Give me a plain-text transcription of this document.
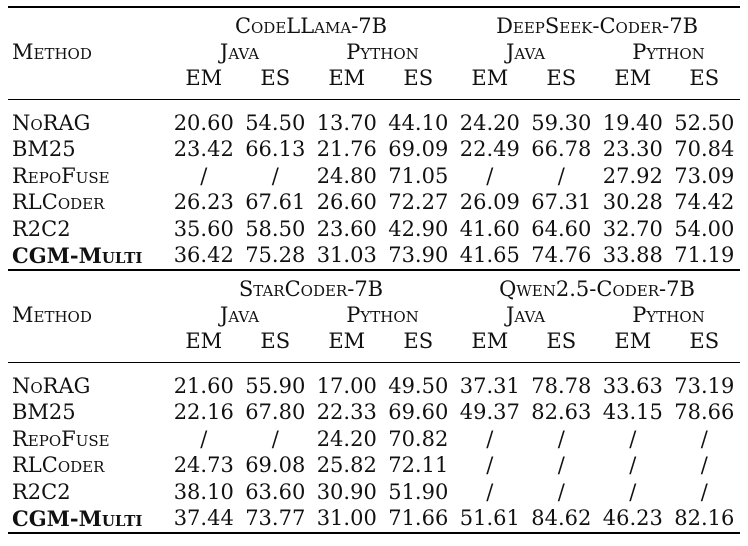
	CodeLLama-7B				DeepSeek-Coder-7B			
Method	Java		Python		Java		Python	
	EM	ES	EM	ES	EM	ES	EM	ES

NoRAG	20.60	54.50	13.70	44.10	24.20	59.30	19.40	52.50
BM25	23.42	66.13	21.76	69.09	22.49	66.78	23.30	70.84
RepoFuse	/	/	24.80	71.05	/	/	27.92	73.09
RLCoder	26.23	67.61	26.60	72.27	26.09	67.31	30.28	74.42
R2C2	35.60	58.50	23.60	42.90	41.60	64.60	32.70	54.00
CGM-Multi	36.42	75.28	31.03	73.90	41.65	74.76	33.88	71.19
	StarCoder-7B				Qwen2.5-Coder-7B			
Method	Java		Python		Java		Python	
	EM	ES	EM	ES	EM	ES	EM	ES

NoRAG	21.60	55.90	17.00	49.50	37.31	78.78	33.63	73.19
BM25	22.16	67.80	22.33	69.60	49.37	82.63	43.15	78.66
RepoFuse	/	/	24.20	70.82	/	/	/	/
RLCoder	24.73	69.08	25.82	72.11	/	/	/	/
R2C2	38.10	63.60	30.90	51.90	/	/	/	/
CGM-Multi	37.44	73.77	31.00	71.66	51.61	84.62	46.23	82.16
